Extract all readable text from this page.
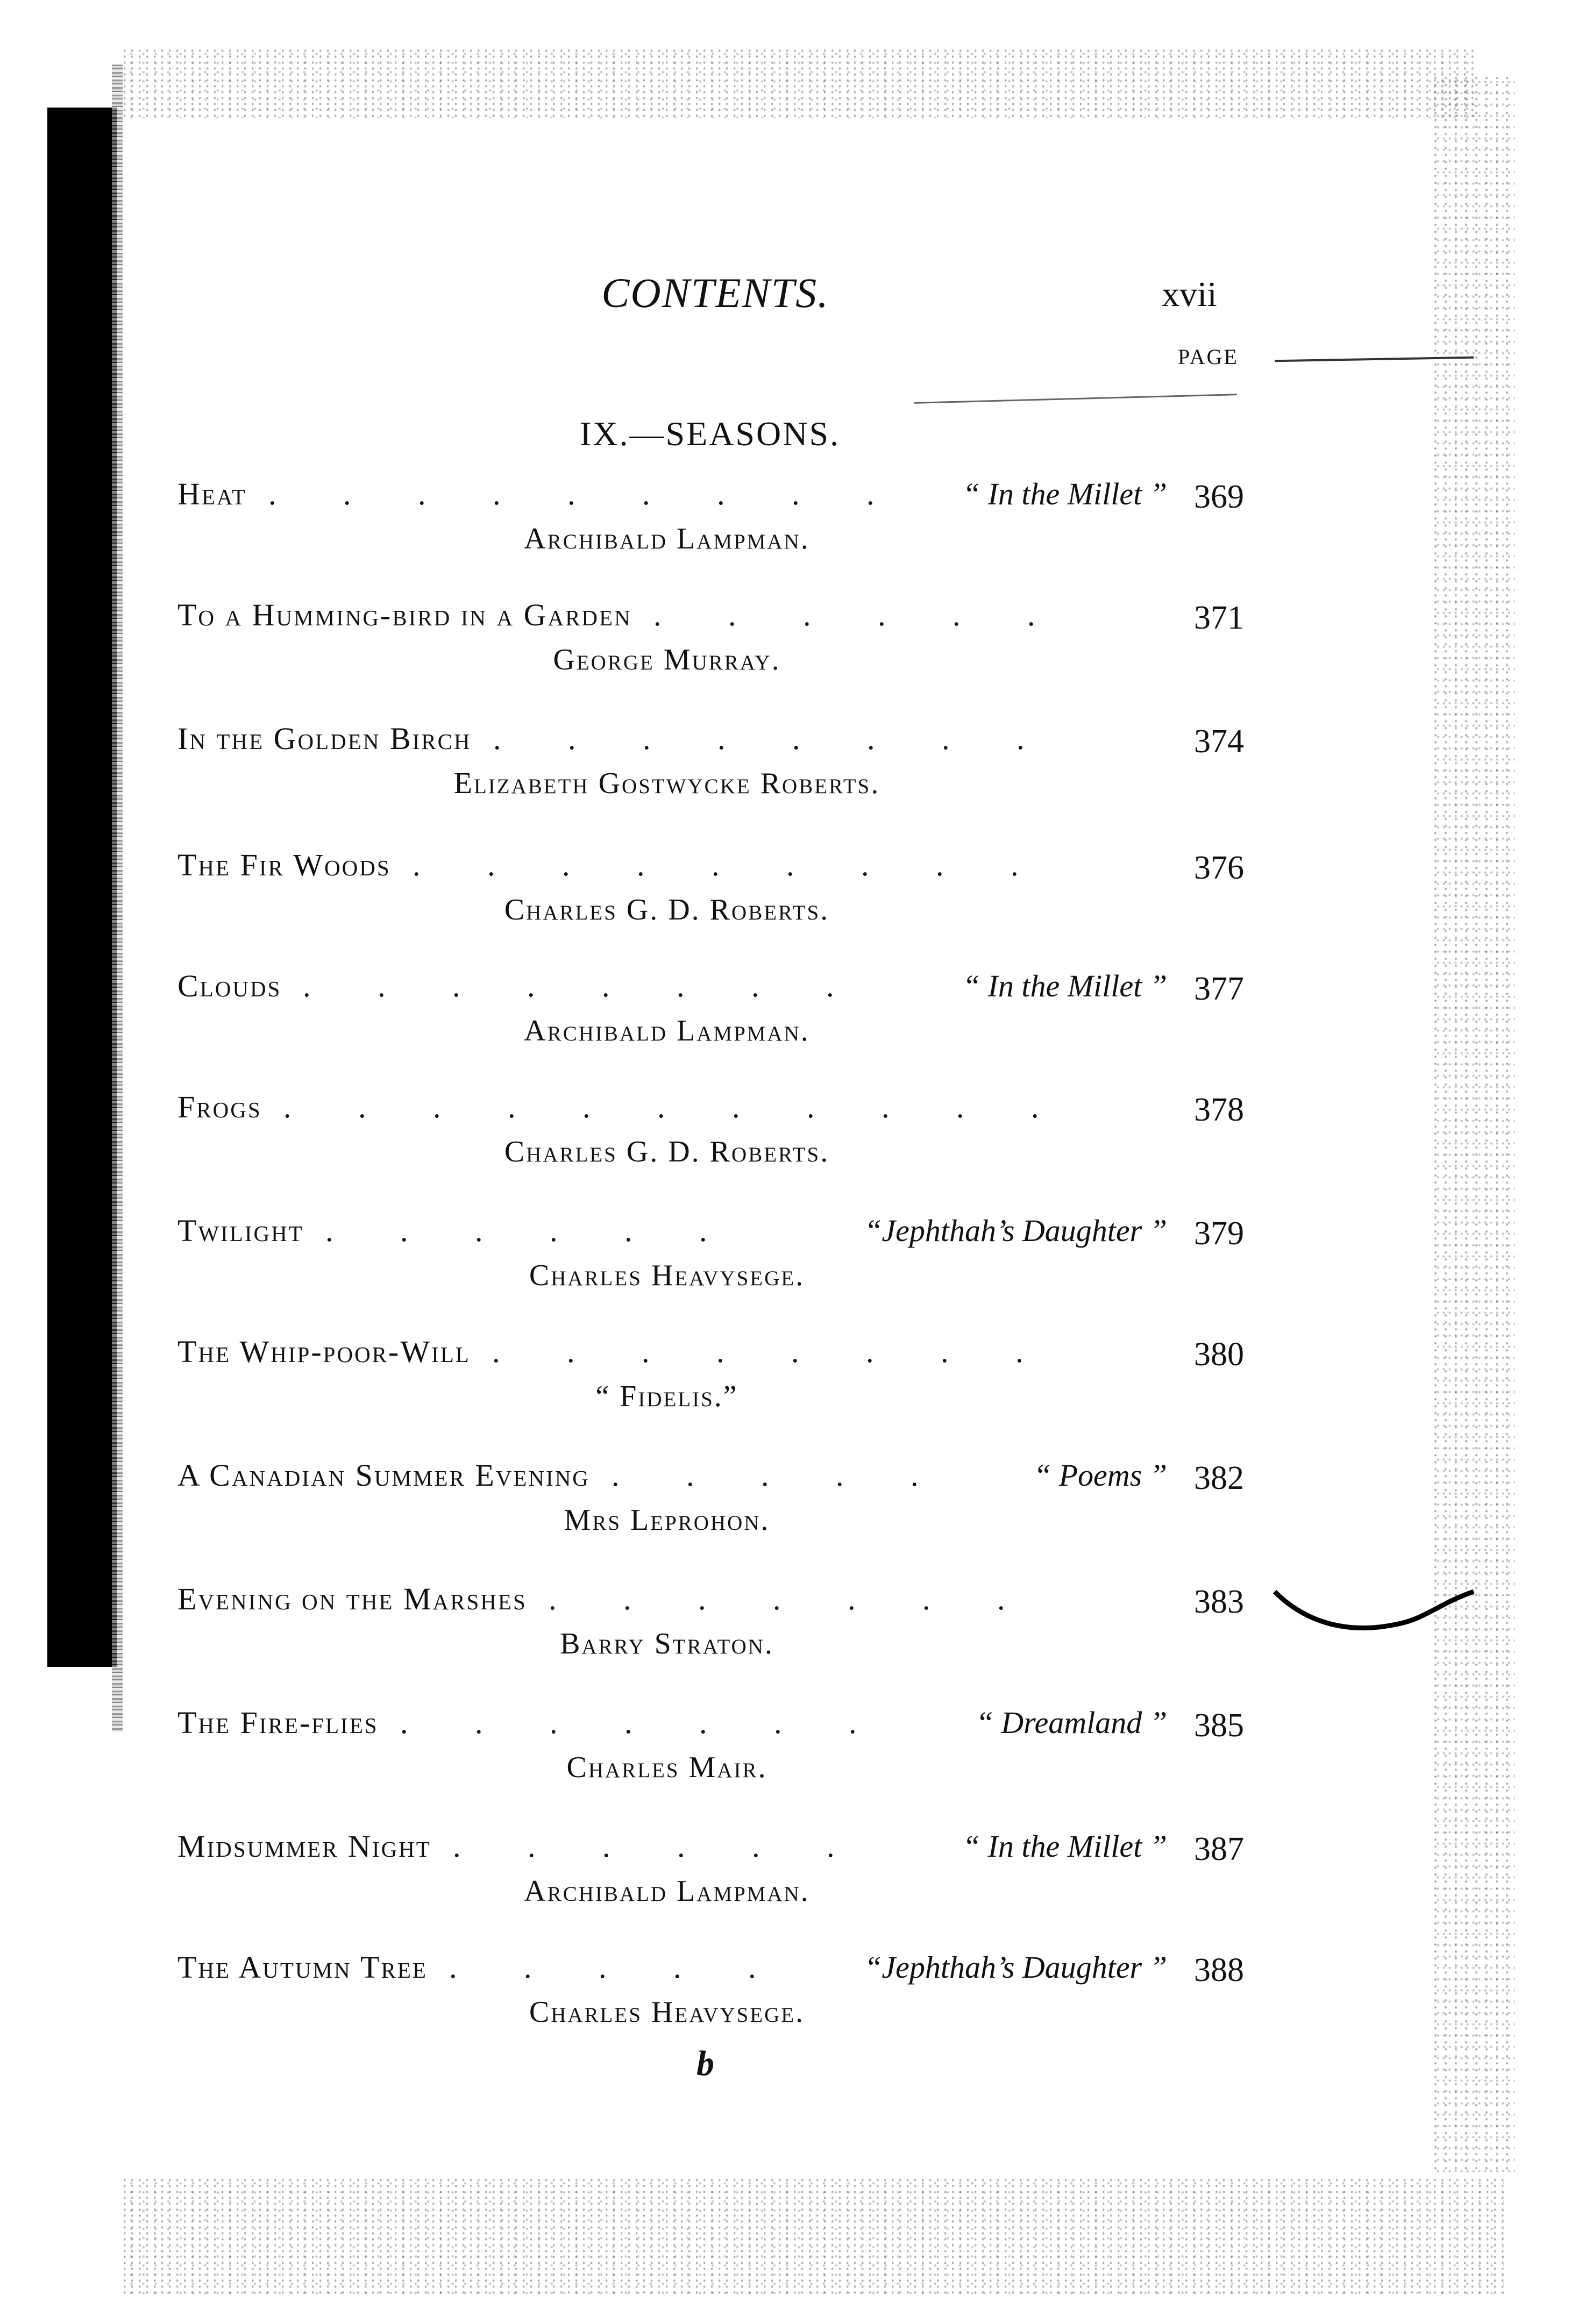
CONTENTS.	xvii
PAGE
IX.—SEASONS.
Heat	“ In the Millet ” 369
Archibald Lampman.
. . . . . . . . .
To a Humming-bird in a Garden	371
George Murray.
. . . . . .
In the Golden Birch	374
Elizabeth Gostwycke Roberts.
. . . . . . . .
The Fir Woods	376
Charles G. D. Roberts.
. . . . . . . . .
Clouds	“ In the Millet ” 377
Archibald Lampman.
. . . . . . . .
Frogs	378
Charles G. D. Roberts.
. . . . . . . . . . .
Twilight	“Jephthah’s Daughter ” 379
Charles Heavysege.
. . . . . .
The Whip-poor-Will	380
“ Fidelis.”
. . . . . . . .
A Canadian Summer Evening	“ Poems ” 382
Mrs Leprohon.
. . . . .
Evening on the Marshes	383
Barry Straton.
. . . . . . .
The Fire-flies	“ Dreamland ” 385
Charles Mair.
. . . . . . .
Midsummer Night	“ In the Millet ” 387
Archibald Lampman.
. . . . . .
The Autumn Tree	“Jephthah’s Daughter ” 388
Charles Heavysege.
. . . . .
b
